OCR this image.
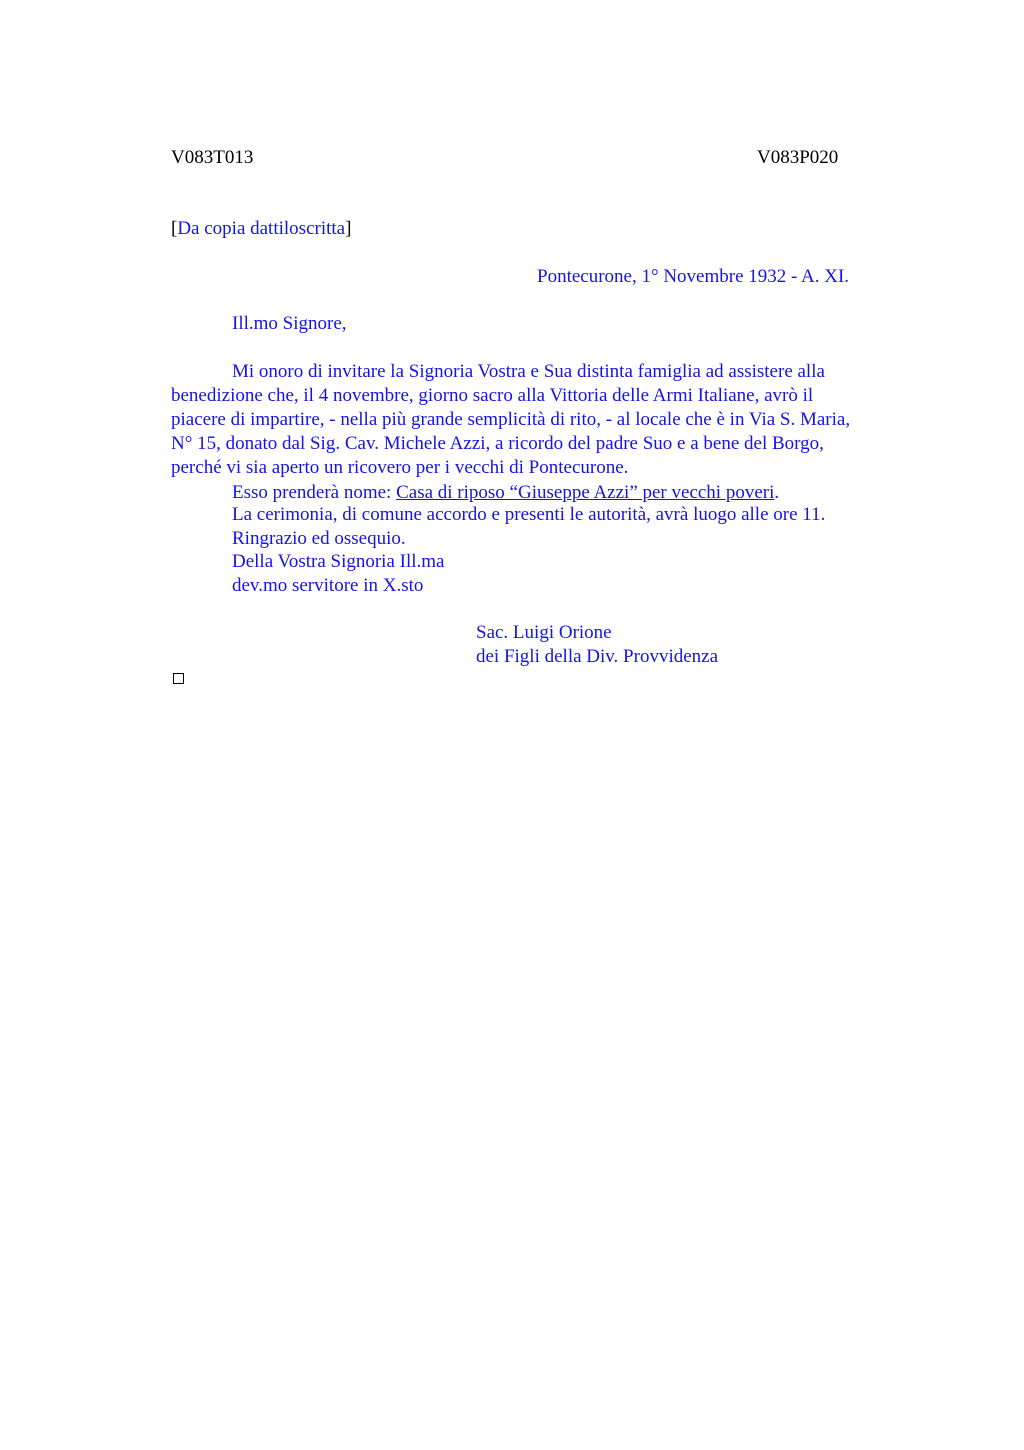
V083T013	V083P020
[Da copia dattiloscritta]
Pontecurone, 1° Novembre 1932 - A. XI.
Ill.mo Signore,
Mi onoro di invitare la Signoria Vostra e Sua distinta famiglia ad assistere alla
benedizione che, il 4 novembre, giorno sacro alla Vittoria delle Armi Italiane, avrò il
piacere di impartire, - nella più grande semplicità di rito, - al locale che è in Via S. Maria,
N° 15, donato dal Sig. Cav. Michele Azzi, a ricordo del padre Suo e a bene del Borgo,
perché vi sia aperto un ricovero per i vecchi di Pontecurone.
Esso prenderà nome: Casa di riposo “Giuseppe Azzi” per vecchi poveri.
La cerimonia, di comune accordo e presenti le autorità, avrà luogo alle ore 11.
Ringrazio ed ossequio.
Della Vostra Signoria Ill.ma
dev.mo servitore in X.sto
Sac. Luigi Orione
dei Figli della Div. Provvidenza
